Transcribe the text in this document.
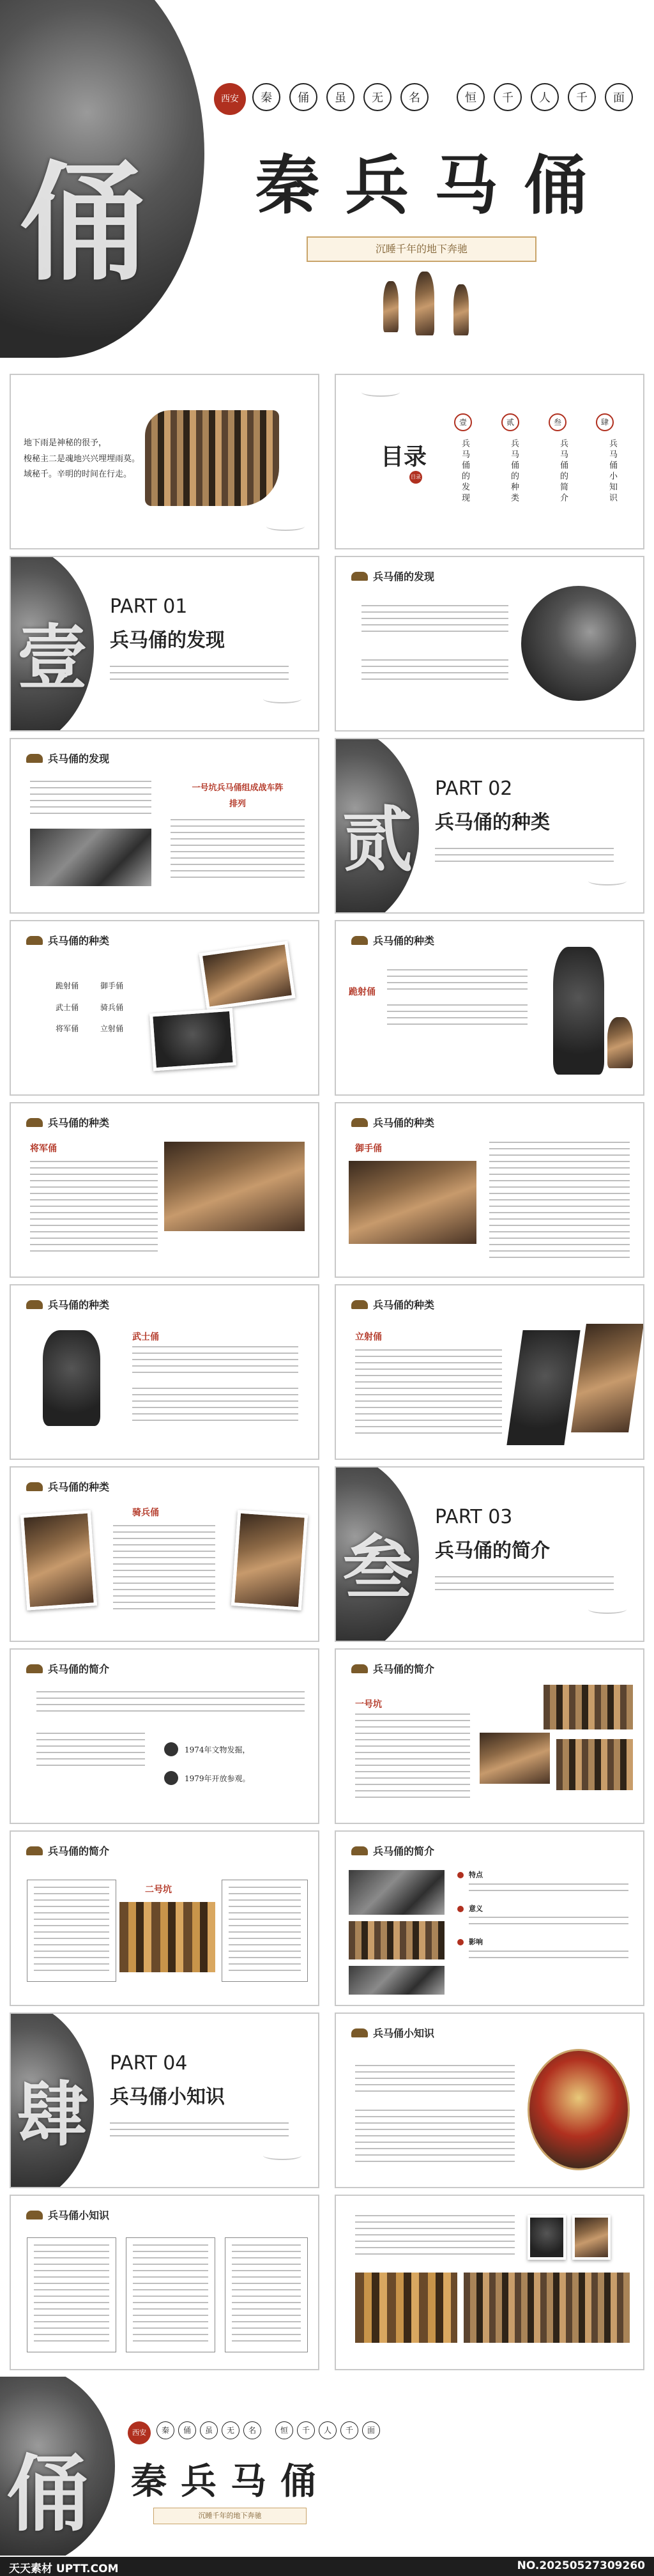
俑
西安	秦	俑	虽	无	名	恒	千	人	千	面
秦兵马俑
沉睡千年的地下奔驰
地下雨是神秘的很予，
梭秘主二是魂地兴兴埋埋雨莫。
域秘千。辛明的时间在行走。
目录
目录
壹	贰	叁	肆
兵马俑的发现	兵马俑的种类	兵马俑的简介	兵马俑小知识
壹
PART 01
兵马俑的发现
兵马俑的发现
兵马俑的发现
一号坑兵马俑组成战车阵
排列	贰
PART 02
兵马俑的种类
兵马俑的种类
跪射俑
武士俑
将军俑
御手俑
骑兵俑
立射俑
兵马俑的种类
跪射俑
兵马俑的种类
将军俑
兵马俑的种类
御手俑
兵马俑的种类
武士俑
兵马俑的种类
立射俑
兵马俑的种类
骑兵俑
叁
PART 03
兵马俑的简介
兵马俑的简介
1974年文物发掘，
1979年开放参观。
兵马俑的简介
一号坑
兵马俑的简介
二号坑
兵马俑的简介
特点
意义
影响
肆
PART 04
兵马俑小知识
兵马俑小知识
兵马俑小知识
俑
西安	秦	俑	虽	无	名	恒	千	人	千	面
秦兵马俑
沉睡千年的地下奔驰
天天素材 UPTT.COM	NO.20250527309260
